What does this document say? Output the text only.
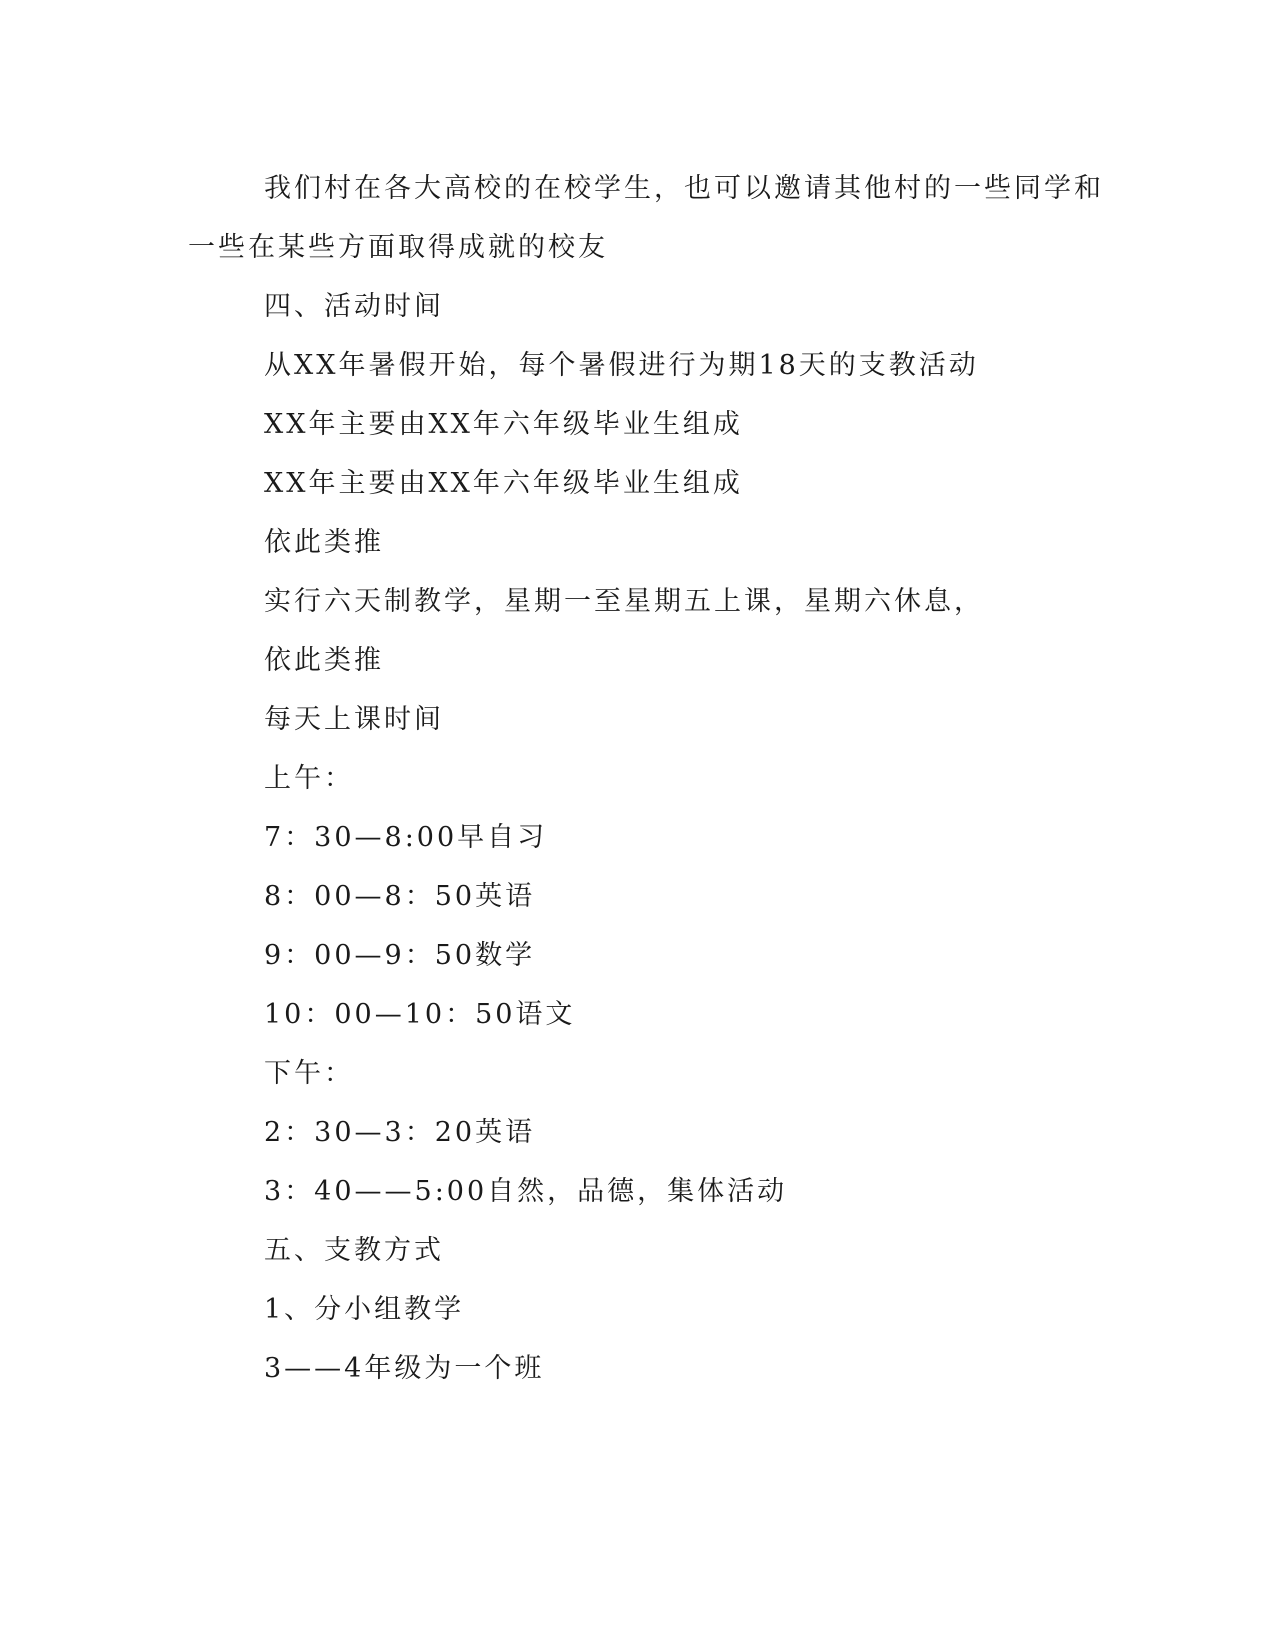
我们村在各大高校的在校学生，也可以邀请其他村的一些同学和
一些在某些方面取得成就的校友
四、活动时间
从XX年暑假开始，每个暑假进行为期18天的支教活动
XX年主要由XX年六年级毕业生组成
XX年主要由XX年六年级毕业生组成
依此类推
实行六天制教学，星期一至星期五上课，星期六休息，
依此类推
每天上课时间
上午：
7：30—8:00早自习
8：00—8：50英语
9：00—9：50数学
10：00—10：50语文
下午：
2：30—3：20英语
3：40——5:00自然，品德，集体活动
五、支教方式
1、分小组教学
3——4年级为一个班
